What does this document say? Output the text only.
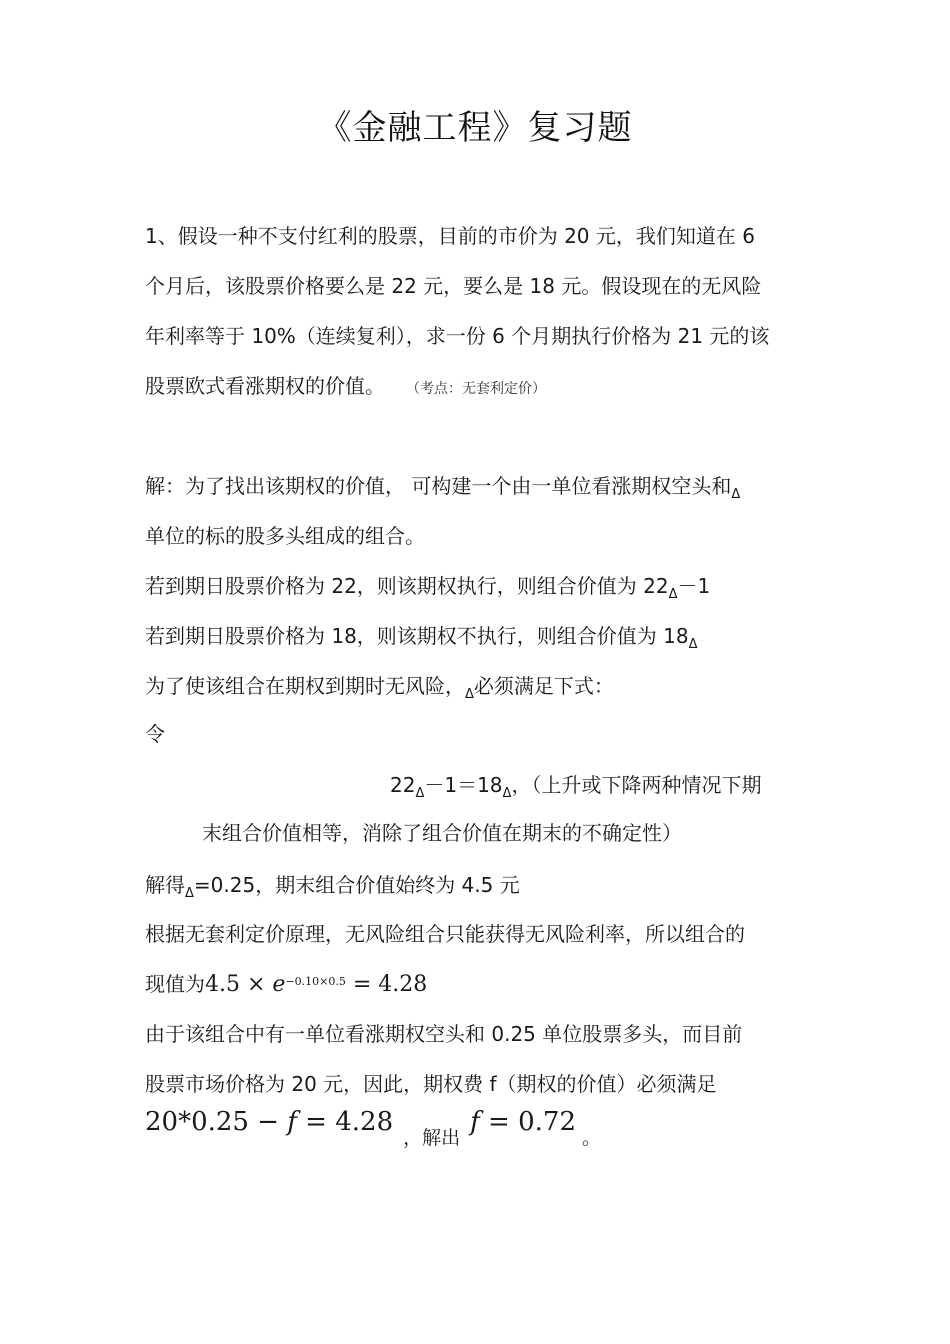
《金融工程》复习题
1、假设一种不支付红利的股票，目前的市价为 20 元，我们知道在 6
个月后，该股票价格要么是 22 元，要么是 18 元。假设现在的无风险
年利率等于 10%（连续复利），求一份 6 个月期执行价格为 21 元的该
股票欧式看涨期权的价值。 （考点：无套利定价）
解：为了找出该期权的价值， 可构建一个由一单位看涨期权空头和$_\Delta$
单位的标的股多头组成的组合。
若到期日股票价格为 22，则该期权执行，则组合价值为 $22_\Delta-1$
若到期日股票价格为 18，则该期权不执行，则组合价值为 $18_\Delta$
为了使该组合在期权到期时无风险，$_\Delta$必须满足下式：
令
$22_\Delta-1=18_\Delta$，（上升或下降两种情况下期
末组合价值相等，消除了组合价值在期末的不确定性）
解得$_\Delta$=0.25，期末组合价值始终为 4.5 元
根据无套利定价原理，无风险组合只能获得无风险利率，所以组合的
现值为$4.5 \times e^{-0.10\times 0.5} = 4.28$
由于该组合中有一单位看涨期权空头和 0.25 单位股票多头，而目前
股票市场价格为 20 元，因此，期权费 f（期权的价值）必须满足
20*0.25 − f = 4.28，解出f = 0.72。
